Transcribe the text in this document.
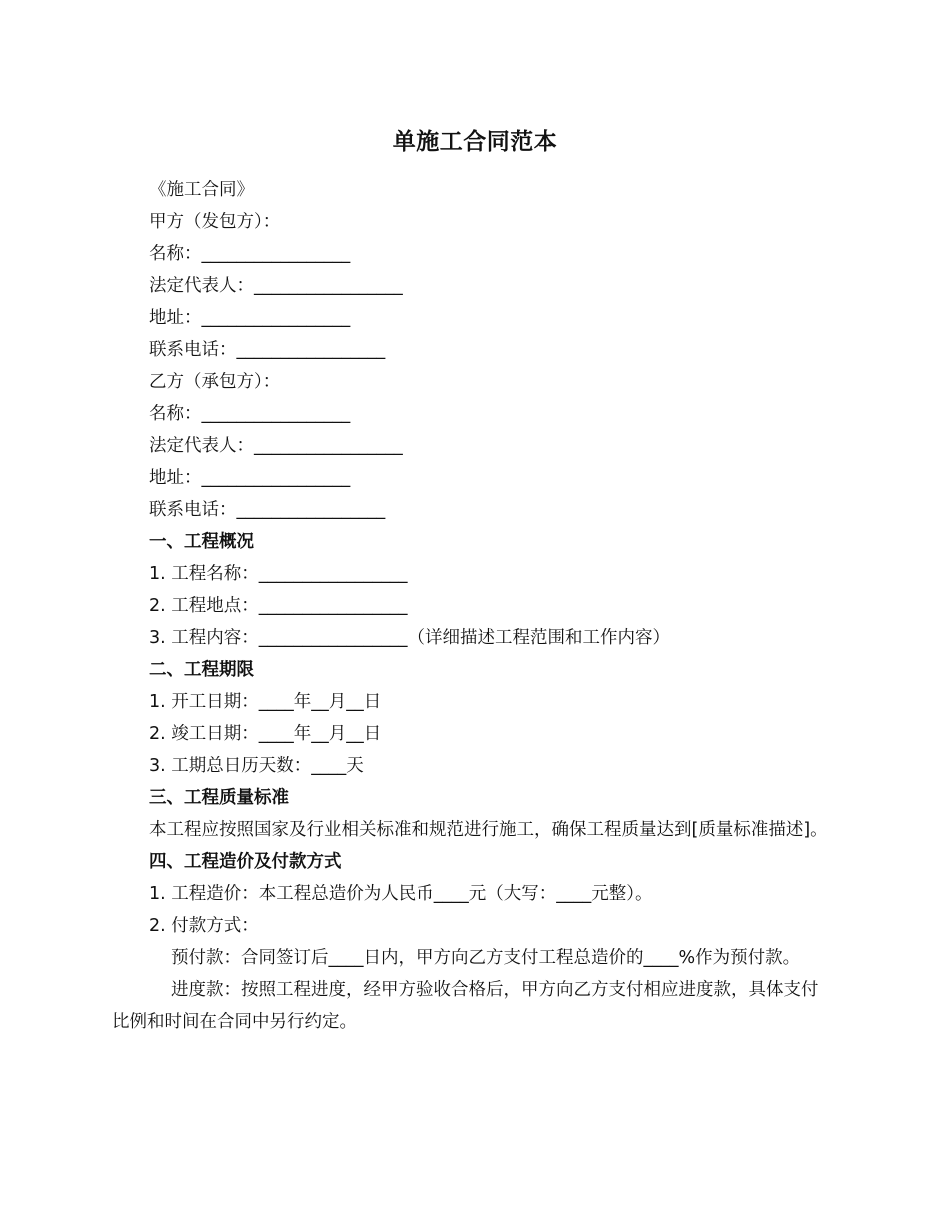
单施工合同范本
《施工合同》
甲方（发包方）：
名称：_________________
法定代表人：_________________
地址：_________________
联系电话：_________________
乙方（承包方）：
名称：_________________
法定代表人：_________________
地址：_________________
联系电话：_________________
一、工程概况
1. 工程名称：_________________
2. 工程地点：_________________
3. 工程内容：_________________（详细描述工程范围和工作内容）
二、工程期限
1. 开工日期：____年__月__日
2. 竣工日期：____年__月__日
3. 工期总日历天数：____天
三、工程质量标准
本工程应按照国家及行业相关标准和规范进行施工，确保工程质量达到[质量标准描述]。
四、工程造价及付款方式
1. 工程造价：本工程总造价为人民币____元（大写：____元整）。
2. 付款方式：
预付款：合同签订后____日内，甲方向乙方支付工程总造价的____%作为预付款。
进度款：按照工程进度，经甲方验收合格后，甲方向乙方支付相应进度款，具体支付比例和时间在合同中另行约定。
